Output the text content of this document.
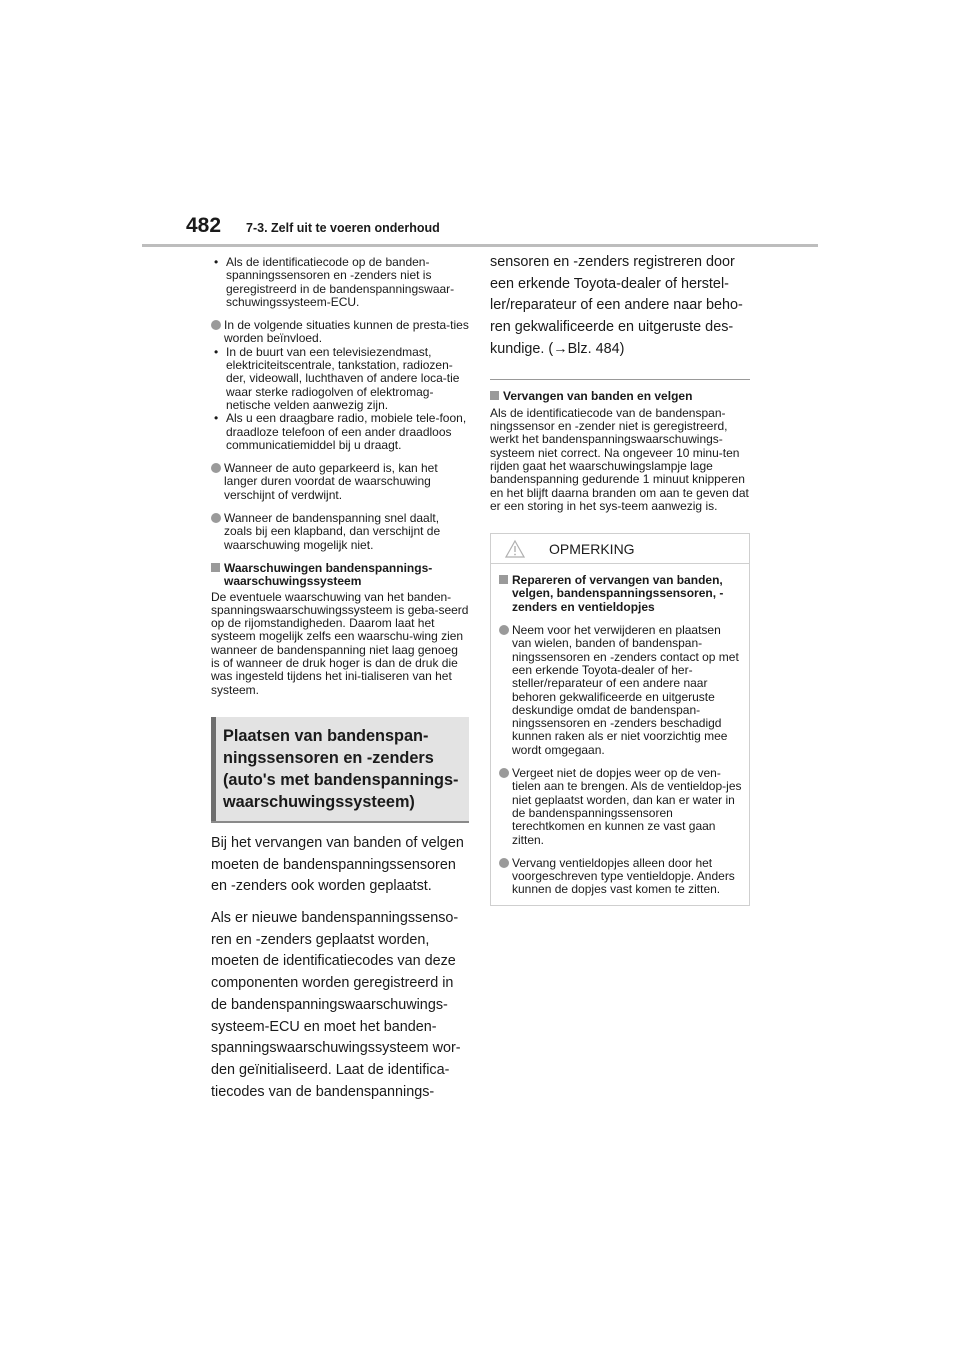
482 7-3. Zelf uit te voeren onderhoud
• Als de identificatiecode op de banden- spanningssensoren en -zenders niet is geregistreerd in de bandenspanningswaar-schuwingssysteem-ECU.
In de volgende situaties kunnen de presta-ties worden beïnvloed.
• In de buurt van een televisiezendmast, elektriciteitscentrale, tankstation, radiozen-der, videowall, luchthaven of andere loca-tie waar sterke radiogolven of elektromag-netische velden aanwezig zijn.
• Als u een draagbare radio, mobiele tele-foon, draadloze telefoon of een ander draadloos communicatiemiddel bij u draagt.
Wanneer de auto geparkeerd is, kan het langer duren voordat de waarschuwing verschijnt of verdwijnt.
Wanneer de bandenspanning snel daalt, zoals bij een klapband, dan verschijnt de waarschuwing mogelijk niet.
Waarschuwingen bandenspannings-waarschuwingssysteem
De eventuele waarschuwing van het banden-spanningswaarschuwingssysteem is geba-seerd op de rijomstandigheden. Daarom laat het systeem mogelijk zelfs een waarschu-wing zien wanneer de bandenspanning niet laag genoeg is of wanneer de druk hoger is dan de druk die was ingesteld tijdens het ini-tialiseren van het systeem.
Plaatsen van bandenspan-
ningssensoren en -zenders
(auto's met bandenspannings-
waarschuwingssysteem)
Bij het vervangen van banden of velgen moeten de bandenspanningssensoren en -zenders ook worden geplaatst.
Als er nieuwe bandenspanningssenso-ren en -zenders geplaatst worden, moeten de identificatiecodes van deze componenten worden geregistreerd in de bandenspanningswaarschuwings-systeem-ECU en moet het banden-spanningswaarschuwingssysteem wor-den geïnitialiseerd. Laat de identifica-tiecodes van de bandenspannings-
sensoren en -zenders registreren door een erkende Toyota-dealer of herstel-ler/reparateur of een andere naar beho-ren gekwalificeerde en uitgeruste des-kundige. (→Blz. 484)
Vervangen van banden en velgen
Als de identificatiecode van de bandenspan-ningssensor en -zender niet is geregistreerd, werkt het bandenspanningswaarschuwings-systeem niet correct. Na ongeveer 10 minu-ten rijden gaat het waarschuwingslampje lage bandenspanning gedurende 1 minuut knipperen en het blijft daarna branden om aan te geven dat er een storing in het sys-teem aanwezig is.
OPMERKING
Repareren of vervangen van banden, velgen, bandenspanningssensoren, -zenders en ventieldopjes
Neem voor het verwijderen en plaatsen van wielen, banden of bandenspan-ningssensoren en -zenders contact op met een erkende Toyota-dealer of her-steller/reparateur of een andere naar behoren gekwalificeerde en uitgeruste deskundige omdat de bandenspan-ningssensoren en -zenders beschadigd kunnen raken als er niet voorzichtig mee wordt omgegaan.
Vergeet niet de dopjes weer op de ven-tielen aan te brengen. Als de ventieldop-jes niet geplaatst worden, dan kan er water in de bandenspanningssensoren terechtkomen en kunnen ze vast gaan zitten.
Vervang ventieldopjes alleen door het voorgeschreven type ventieldopje. Anders kunnen de dopjes vast komen te zitten.
